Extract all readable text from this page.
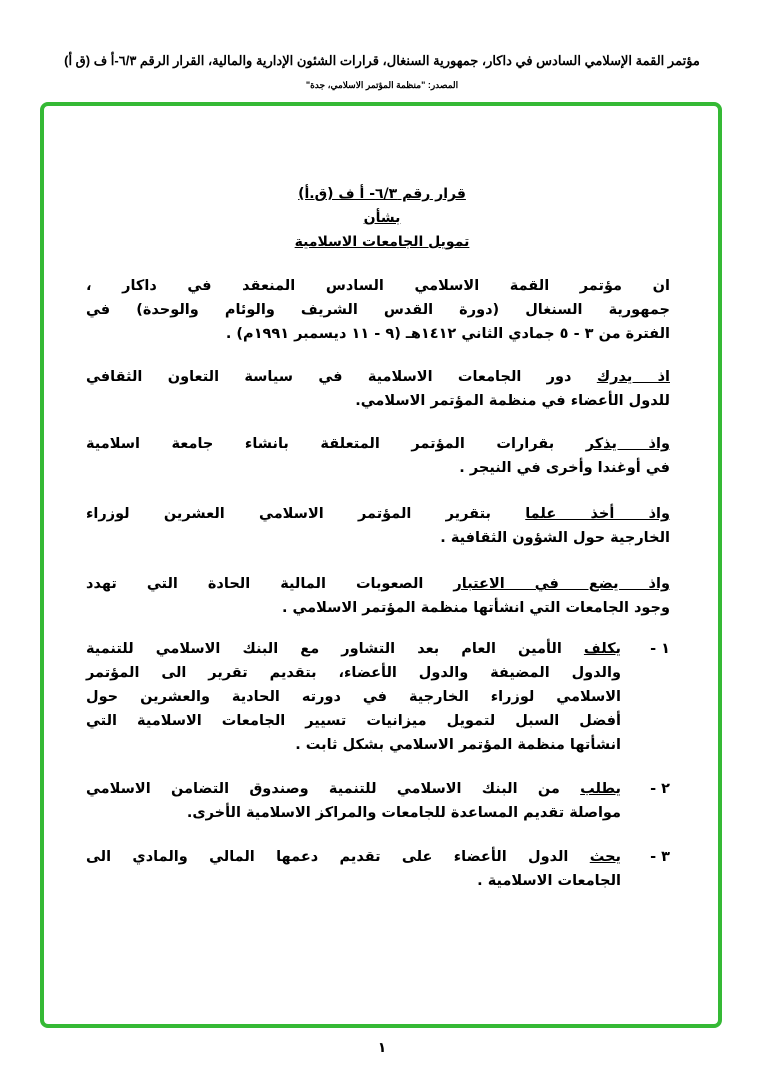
مؤتمر القمة الإسلامي السادس في داكار، جمهورية السنغال، قرارات الشئون الإدارية والمالية، القرار الرقم ٦/٣-أ ف (ق أ)
المصدر: "منظمة المؤتمر الاسلامي، جدة"
قرار رقم ٦/٣- أ ف (ق.أ)
بشأن
تمويل الجامعات الاسلامية
ان مؤتمر القمة الاسلامي السادس المنعقد في داكار ،
جمهورية السنغال (دورة القدس الشريف والوئام والوحدة) في
الفترة من ٣ - ٥ جمادي الثاني ١٤١٢هـ (٩ - ١١ ديسمبر ١٩٩١م) .
اذ يدرك دور الجامعات الاسلامية في سياسة التعاون الثقافي
للدول الأعضاء في منظمة المؤتمر الاسلامي.
واذ يذكر بقرارات المؤتمر المتعلقة بانشاء جامعة اسلامية
في أوغندا وأخرى في النيجر .
واذ أخذ علما بتقرير المؤتمر الاسلامي العشرين لوزراء
الخارجية حول الشؤون الثقافية .
واذ يضع في الاعتبار الصعوبات المالية الحادة التي تهدد
وجود الجامعات التي انشأتها منظمة المؤتمر الاسلامي .
١ -
يكلف الأمين العام بعد التشاور مع البنك الاسلامي للتنمية
والدول المضيفة والدول الأعضاء، بتقديم تقرير الى المؤتمر
الاسلامي لوزراء الخارجية في دورته الحادية والعشرين حول
أفضل السبل لتمويل ميزانيات تسيير الجامعات الاسلامية التي
انشأتها منظمة المؤتمر الاسلامي بشكل ثابت .
٢ -
يطلب من البنك الاسلامي للتنمية وصندوق التضامن الاسلامي
مواصلة تقديم المساعدة للجامعات والمراكز الاسلامية الأخرى.
٣ -
يحث الدول الأعضاء على تقديم دعمها المالي والمادي الى
الجامعات الاسلامية .
١
